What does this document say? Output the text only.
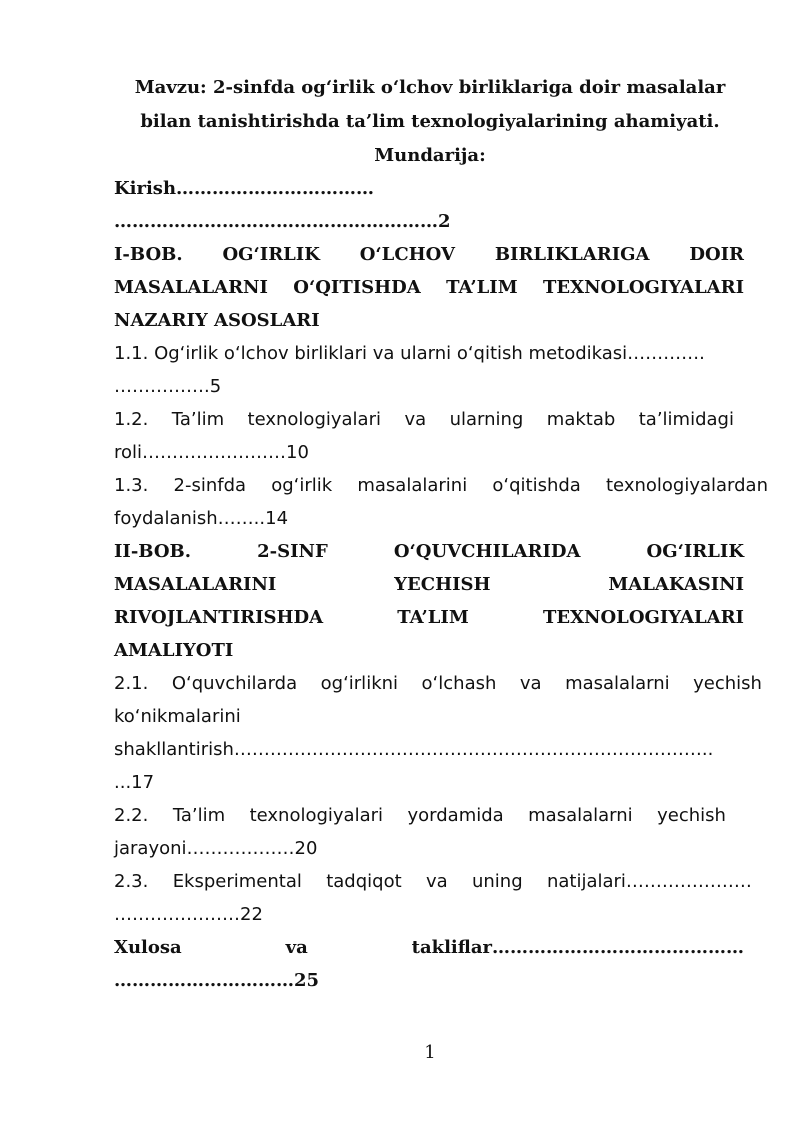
Mavzu: 2-sinfda og‘irlik o‘lchov birliklariga doir masalalar
bilan tanishtirishda ta’lim texnologiyalarining ahamiyati.
Mundarija:
Kirish……………………………
………………………………………………2
I-BOB. OG‘IRLIK O‘LCHOV BIRLIKLARIGA DOIR
MASALALARNI O‘QITISHDA TA’LIM TEXNOLOGIYALARI
NAZARIY ASOSLARI
1.1. Og‘irlik o‘lchov birliklari va ularni o‘qitish metodikasi………….
…………….5
1.2. Ta’lim texnologiyalari va ularning maktab ta’limidagi
roli……………………10
1.3. 2-sinfda og‘irlik masalalarini o‘qitishda texnologiyalardan
foydalanish……..14
II-BOB.	2-SINF	O‘QUVCHILARIDA	OG‘IRLIK
MASALALARINI	YECHISH	MALAKASINI
RIVOJLANTIRISHDA	TA’LIM	TEXNOLOGIYALARI
AMALIYOTI
2.1. O‘quvchilarda og‘irlikni o‘lchash va masalalarni yechish
ko‘nikmalarini
shakllantirish……………………………………………………………………..
...17
2.2. Ta’lim texnologiyalari yordamida masalalarni yechish
jarayoni………………20
2.3. Eksperimental tadqiqot va uning natijalari…………………
…………………22
Xulosa	va	takliflar……………………………………
…………………………25
1
